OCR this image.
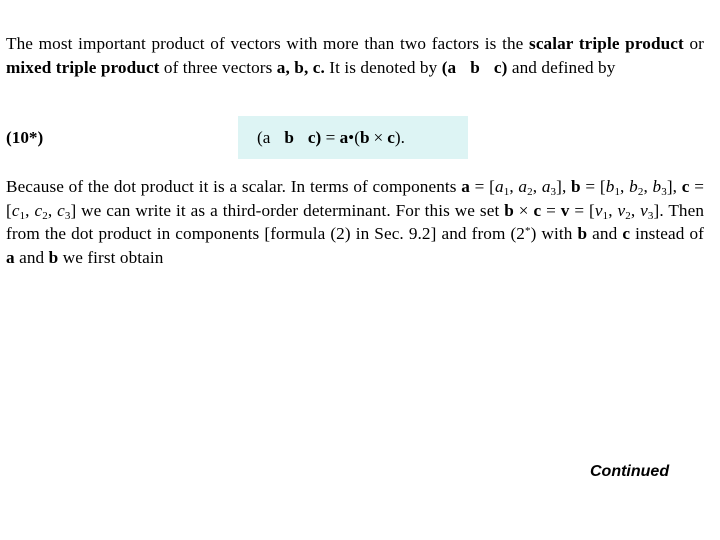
The most important product of vectors with more than two factors is the scalar triple product or mixed triple product of three vectors a, b, c. It is denoted by (a b c) and defined by
(10*)	(a b c) = a•(b × c).
Because of the dot product it is a scalar. In terms of components $a = [a_1$, $a_2$, $a_3$], $b = [b_1$, $b_2$, $b_3$], $c = [c_1$, $c_2$, $c_3$] we can write it as a third-order determinant. For this we set $b \times c = v = [v_1$, $v_2$, $v_3$]. Then from the dot product in components [formula (2) in Sec. 9.2] and from (2*) with b and c instead of a and b we first obtain
Continued
